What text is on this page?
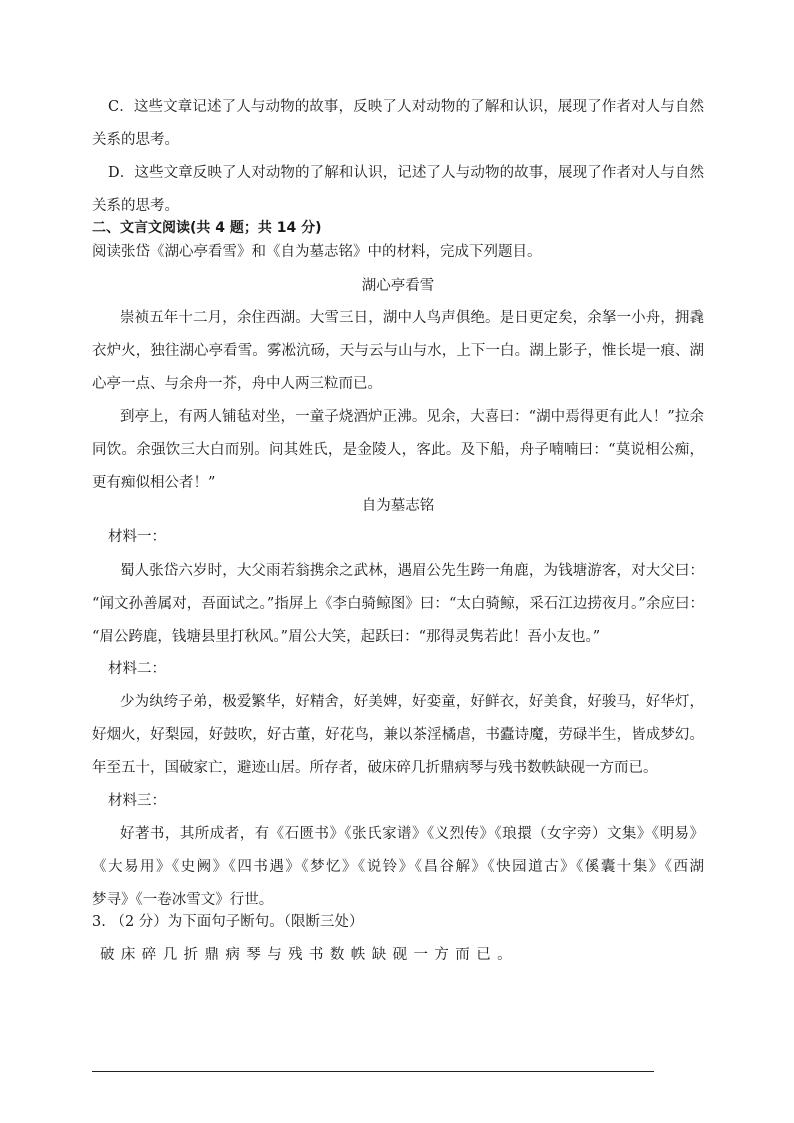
C．这些文章记述了人与动物的故事，反映了人对动物的了解和认识，展现了作者对人与自然
关系的思考。
D．这些文章反映了人对动物的了解和认识，记述了人与动物的故事，展现了作者对人与自然
关系的思考。
二、文言文阅读(共 4 题；共 14 分)
阅读张岱《湖心亭看雪》和《自为墓志铭》中的材料，完成下列题目。
湖心亭看雪
崇祯五年十二月，余住西湖。大雪三日，湖中人鸟声俱绝。是日更定矣，余拏一小舟，拥毳
衣炉火，独往湖心亭看雪。雾凇沆砀，天与云与山与水，上下一白。湖上影子，惟长堤一痕、湖
心亭一点、与余舟一芥，舟中人两三粒而已。
到亭上，有两人铺毡对坐，一童子烧酒炉正沸。见余，大喜曰：“湖中焉得更有此人！”拉余
同饮。余强饮三大白而别。问其姓氏，是金陵人，客此。及下船，舟子喃喃曰：“莫说相公痴，
更有痴似相公者！”
自为墓志铭
材料一：
蜀人张岱六岁时，大父雨若翁携余之武林，遇眉公先生跨一角鹿，为钱塘游客，对大父曰：
“闻文孙善属对，吾面试之。”指屏上《李白骑鲸图》曰：“太白骑鲸，采石江边捞夜月。”余应曰：
“眉公跨鹿，钱塘县里打秋风。”眉公大笑，起跃曰：“那得灵隽若此！吾小友也。”
材料二：
少为纨绔子弟，极爱繁华，好精舍，好美婢，好娈童，好鲜衣，好美食，好骏马，好华灯，
好烟火，好梨园，好鼓吹，好古董，好花鸟，兼以茶淫橘虐，书蠹诗魔，劳碌半生，皆成梦幻。
年至五十，国破家亡，避迹山居。所存者，破床碎几折鼎病琴与残书数帙缺砚一方而已。
材料三：
好著书，其所成者，有《石匮书》《张氏家谱》《义烈传》《琅擐（女字旁）文集》《明易》
《大易用》《史阙》《四书遇》《梦忆》《说铃》《昌谷解》《快园道古》《傒囊十集》《西湖
梦寻》《一卷冰雪文》行世。
3. （2 分）为下面句子断句。（限断三处）
破床碎几折鼎病琴与残书数帙缺砚一方而已。
